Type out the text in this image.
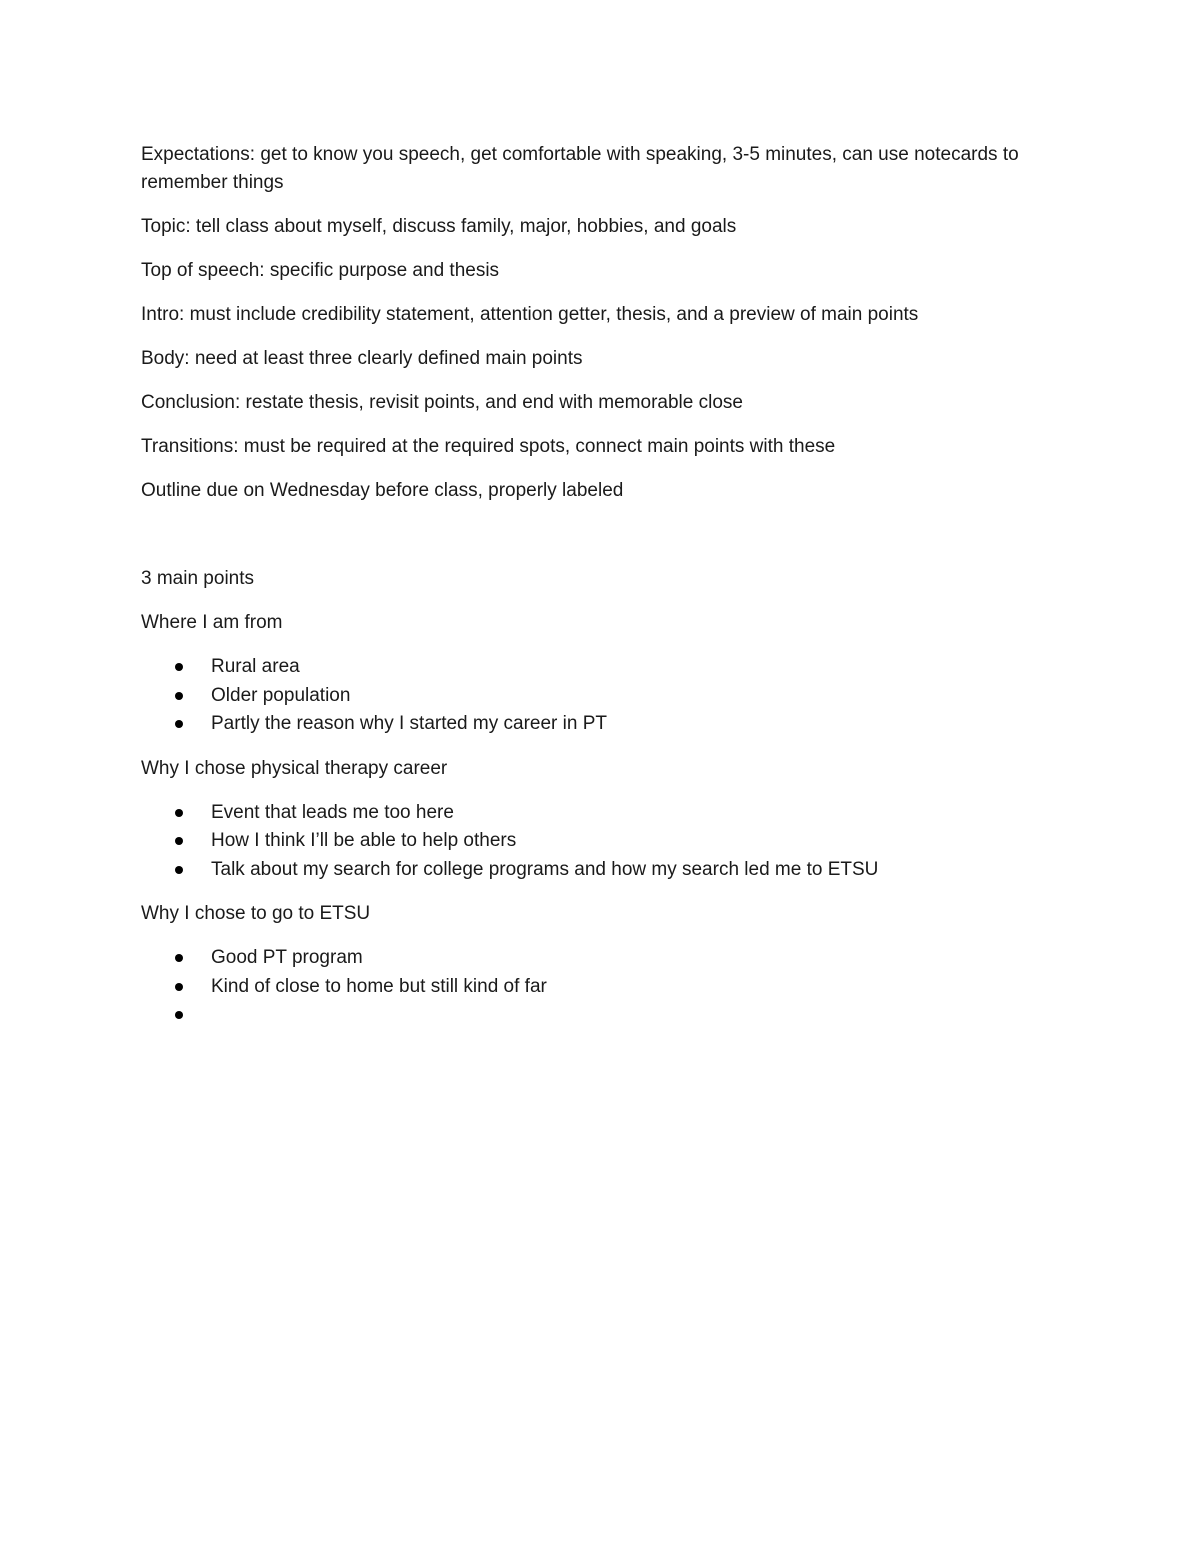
Expectations: get to know you speech, get comfortable with speaking, 3-5 minutes, can use notecards to remember things

Topic: tell class about myself, discuss family, major, hobbies, and goals

Top of speech: specific purpose and thesis

Intro: must include credibility statement, attention getter, thesis, and a preview of main points

Body: need at least three clearly defined main points

Conclusion: restate thesis, revisit points, and end with memorable close

Transitions: must be required at the required spots, connect main points with these

Outline due on Wednesday before class, properly labeled

3 main points

Where I am from

Rural area
Older population
Partly the reason why I started my career in PT

Why I chose physical therapy career

Event that leads me too here
How I think I’ll be able to help others
Talk about my search for college programs and how my search led me to ETSU

Why I chose to go to ETSU

Good PT program
Kind of close to home but still kind of far
